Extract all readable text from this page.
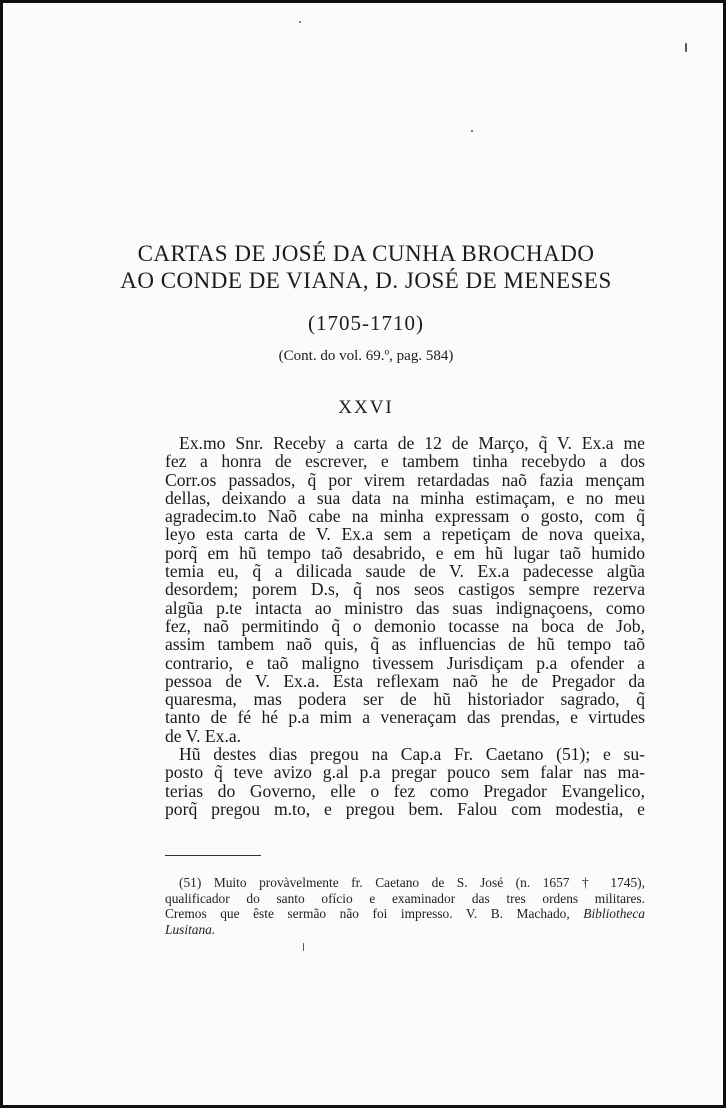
CARTAS DE JOSÉ DA CUNHA BROCHADO
AO CONDE DE VIANA, D. JOSÉ DE MENESES
(1705-1710)
(Cont. do vol. 69.º, pag. 584)
XXVI
Ex.mo Snr. Receby a carta de 12 de Março, q̃ V. Ex.a me
fez a honra de escrever, e tambem tinha recebydo a dos
Corr.os passados, q̃ por virem retardadas naõ fazia mençam
dellas, deixando a sua data na minha estimaçam, e no meu
agradecim.to Naõ cabe na minha expressam o gosto, com q̃
leyo esta carta de V. Ex.a sem a repetiçam de nova queixa,
porq̃ em hũ tempo taõ desabrido, e em hũ lugar taõ humido
temia eu, q̃ a dilicada saude de V. Ex.a padecesse algũa
desordem; porem D.s, q̃ nos seos castigos sempre rezerva
algũa p.te intacta ao ministro das suas indignaçoens, como
fez, naõ permitindo q̃ o demonio tocasse na boca de Job,
assim tambem naõ quis, q̃ as influencias de hũ tempo taõ
contrario, e taõ maligno tivessem Jurisdiçam p.a ofender a
pessoa de V. Ex.a. Esta reflexam naõ he de Pregador da
quaresma, mas podera ser de hũ historiador sagrado, q̃
tanto de fé hé p.a mim a veneraçam das prendas, e virtudes
de V. Ex.a.
Hũ destes dias pregou na Cap.a Fr. Caetano (51); e su-
posto q̃ teve avizo g.al p.a pregar pouco sem falar nas ma-
terias do Governo, elle o fez como Pregador Evangelico,
porq̃ pregou m.to, e pregou bem. Falou com modestia, e
(51) Muito provàvelmente fr. Caetano de S. José (n. 1657 † 1745),
qualificador do santo ofício e examinador das tres ordens militares.
Cremos que êste sermão não foi impresso. V. B. Machado, Bibliotheca
Lusitana.
